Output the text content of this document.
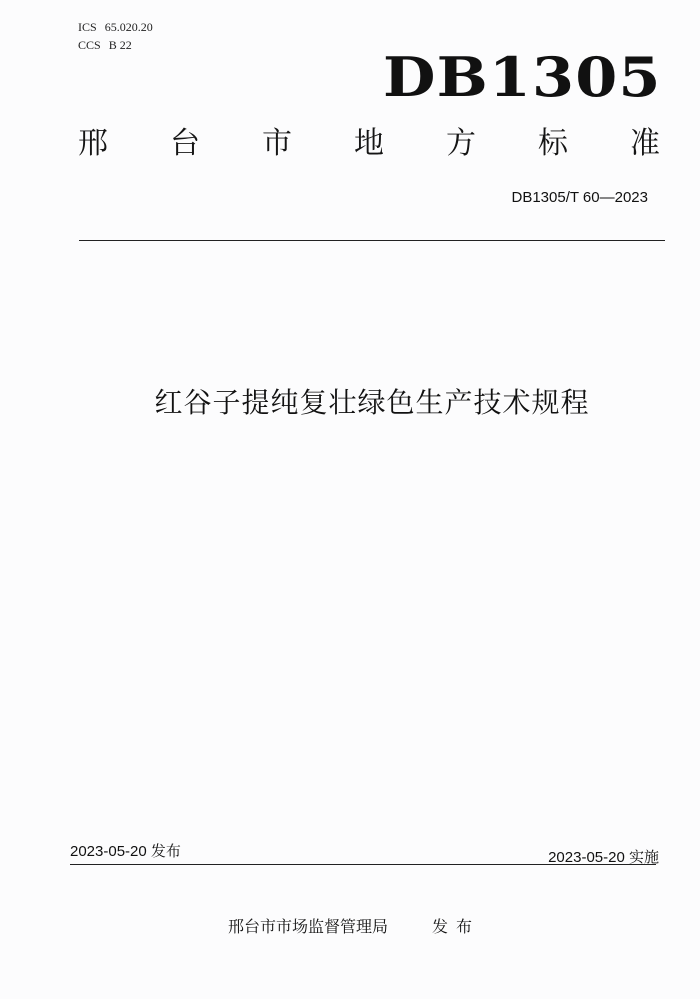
ICS 65.020.20
CCS B 22	DB1305
邢 台 市 地 方 标 准
DB1305/T 60—2023
红谷子提纯复壮绿色生产技术规程
2023-05-20 发布	2023-05-20 实施
邢台市市场监督管理局	发布
